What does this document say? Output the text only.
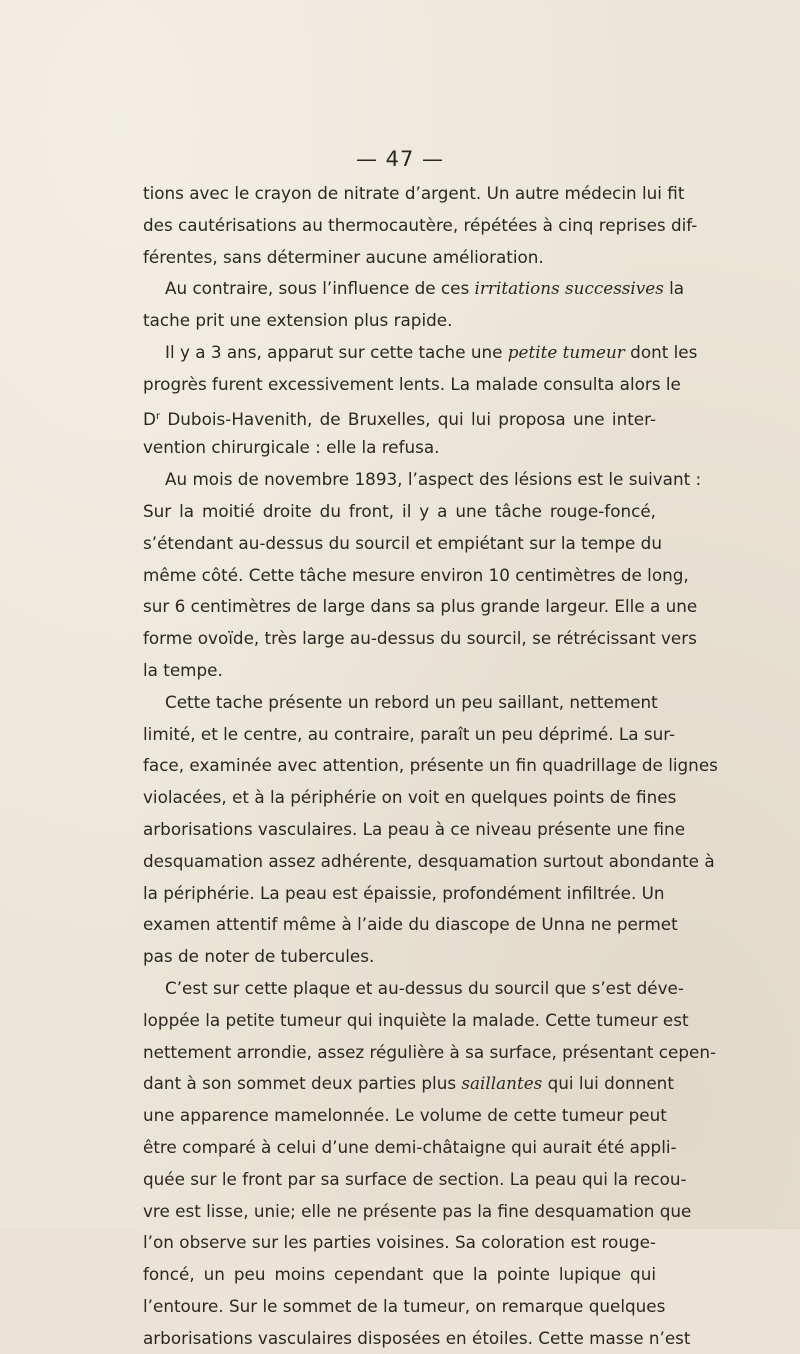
— 47 —
tions avec le crayon de nitrate d’argent. Un autre médecin lui fit
des cautérisations au thermocautère, répétées à cinq reprises dif-
férentes, sans déterminer aucune amélioration.
Au contraire, sous l’influence de ces irritations successives la
tache prit une extension plus rapide.
Il y a 3 ans, apparut sur cette tache une petite tumeur dont les
progrès furent excessivement lents. La malade consulta alors le
$D^r$ Dubois-Havenith, de Bruxelles, qui lui proposa une inter-
vention chirurgicale : elle la refusa.
Au mois de novembre 1893, l’aspect des lésions est le suivant :
Sur la moitié droite du front, il y a une tâche rouge-foncé,
s’étendant au-dessus du sourcil et empiétant sur la tempe du
même côté. Cette tâche mesure environ 10 centimètres de long,
sur 6 centimètres de large dans sa plus grande largeur. Elle a une
forme ovoïde, très large au-dessus du sourcil, se rétrécissant vers
la tempe.
Cette tache présente un rebord un peu saillant, nettement
limité, et le centre, au contraire, paraît un peu déprimé. La sur-
face, examinée avec attention, présente un fin quadrillage de lignes
violacées, et à la périphérie on voit en quelques points de fines
arborisations vasculaires. La peau à ce niveau présente une fine
desquamation assez adhérente, desquamation surtout abondante à
la périphérie. La peau est épaissie, profondément infiltrée. Un
examen attentif même à l’aide du diascope de Unna ne permet
pas de noter de tubercules.
C’est sur cette plaque et au-dessus du sourcil que s’est déve-
loppée la petite tumeur qui inquiète la malade. Cette tumeur est
nettement arrondie, assez régulière à sa surface, présentant cepen-
dant à son sommet deux parties plus saillantes qui lui donnent
une apparence mamelonnée. Le volume de cette tumeur peut
être comparé à celui d’une demi-châtaigne qui aurait été appli-
quée sur le front par sa surface de section. La peau qui la recou-
vre est lisse, unie; elle ne présente pas la fine desquamation que
l’on observe sur les parties voisines. Sa coloration est rouge-
foncé, un peu moins cependant que la pointe lupique qui
l’entoure. Sur le sommet de la tumeur, on remarque quelques
arborisations vasculaires disposées en étoiles. Cette masse n’est
